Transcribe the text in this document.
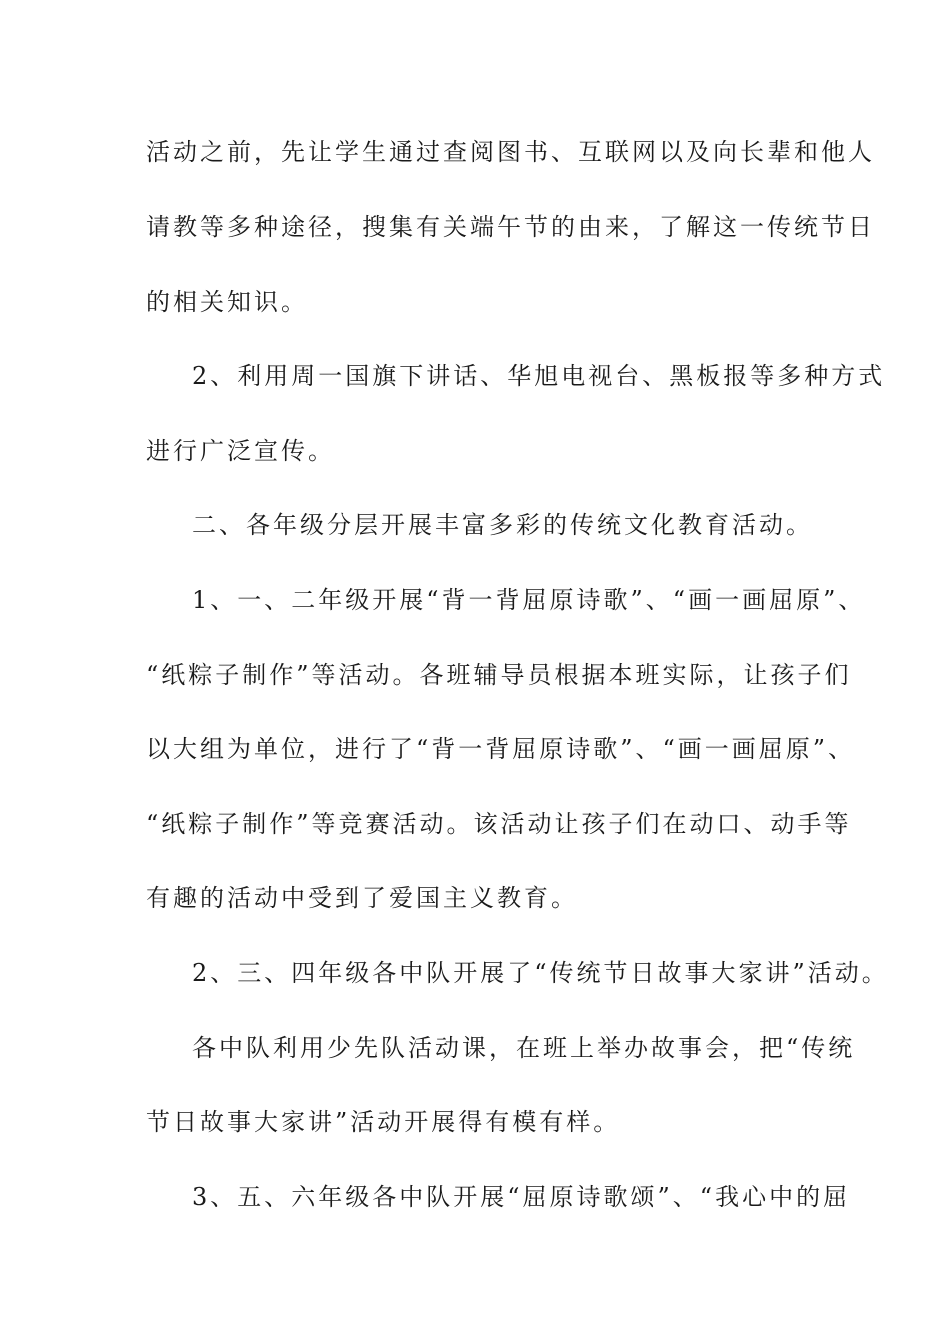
活动之前，先让学生通过查阅图书、互联网以及向长辈和他人
请教等多种途径，搜集有关端午节的由来，了解这一传统节日
的相关知识。
2、利用周一国旗下讲话、华旭电视台、黑板报等多种方式
进行广泛宣传。
二、各年级分层开展丰富多彩的传统文化教育活动。
1、一、二年级开展“背一背屈原诗歌”、“画一画屈原”、
“纸粽子制作”等活动。各班辅导员根据本班实际，让孩子们
以大组为单位，进行了“背一背屈原诗歌”、“画一画屈原”、
“纸粽子制作”等竞赛活动。该活动让孩子们在动口、动手等
有趣的活动中受到了爱国主义教育。
2、三、四年级各中队开展了“传统节日故事大家讲”活动。
各中队利用少先队活动课，在班上举办故事会，把“传统
节日故事大家讲”活动开展得有模有样。
3、五、六年级各中队开展“屈原诗歌颂”、“我心中的屈
